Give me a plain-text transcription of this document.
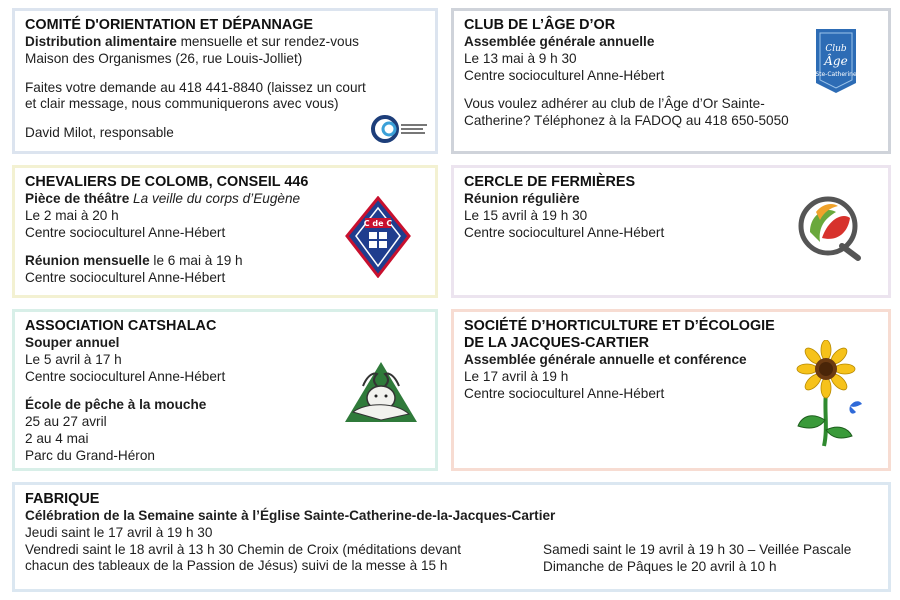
COMITÉ D'ORIENTATION ET DÉPANNAGE
Distribution alimentaire mensuelle et sur rendez-vous
Maison des Organismes (26, rue Louis-Jolliet)
Faites votre demande au 418 441-8840 (laissez un court
et clair message, nous communiquerons avec vous)
David Milot, responsable
CLUB DE L’ÂGE D’OR
Assemblée générale annuelle
Le 13 mai à 9 h 30
Centre socioculturel Anne-Hébert
Vous voulez adhérer au club de l’Âge d’Or Sainte-
Catherine? Téléphonez à la FADOQ au 418 650-5050
Club
Âge
Ste-Catherine
CHEVALIERS DE COLOMB, CONSEIL 446
Pièce de théâtre La veille du corps d’Eugène
Le 2 mai à 20 h
Centre socioculturel Anne-Hébert
Réunion mensuelle le 6 mai à 19 h
Centre socioculturel Anne-Hébert
C de C
CERCLE DE FERMIÈRES
Réunion régulière
Le 15 avril à 19 h 30
Centre socioculturel Anne-Hébert
ASSOCIATION CATSHALAC
Souper annuel
Le 5 avril à 17 h
Centre socioculturel Anne-Hébert
École de pêche à la mouche
25 au 27 avril
2 au 4 mai
Parc du Grand-Héron
SOCIÉTÉ D’HORTICULTURE ET D’ÉCOLOGIE
DE LA JACQUES-CARTIER
Assemblée générale annuelle et conférence
Le 17 avril à 19 h
Centre socioculturel Anne-Hébert
FABRIQUE
Célébration de la Semaine sainte à l’Église Sainte-Catherine-de-la-Jacques-Cartier
Jeudi saint le 17 avril à 19 h 30
Vendredi saint le 18 avril à 13 h 30 Chemin de Croix (méditations devant
chacun des tableaux de la Passion de Jésus) suivi de la messe à 15 h
Samedi saint le 19 avril à 19 h 30 – Veillée Pascale
Dimanche de Pâques le 20 avril à 10 h
